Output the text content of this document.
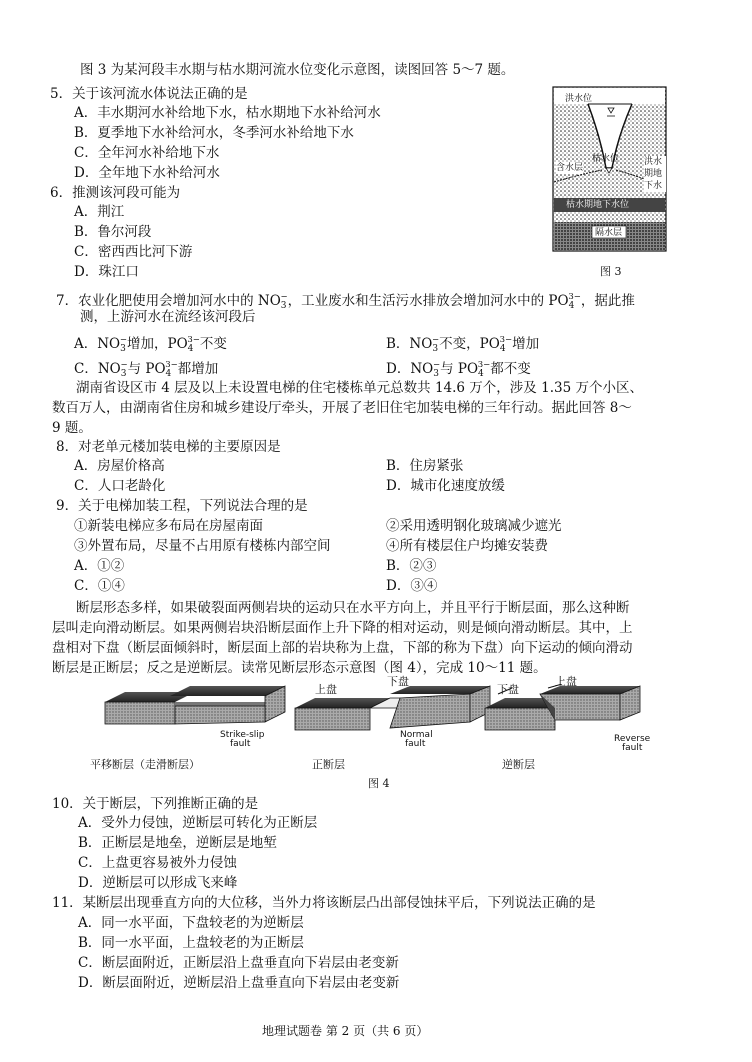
图 3 为某河段丰水期与枯水期河流水位变化示意图，读图回答 5～7 题。
5．关于该河流水体说法正确的是
A．丰水期河水补给地下水，枯水期地下水补给河水
B．夏季地下水补给河水，冬季河水补给地下水
C．全年河水补给地下水
D．全年地下水补给河水
6．推测该河段可能为
A．荆江
B．鲁尔河段
C．密西西比河下游
D．珠江口
洪水位
枯水位
含水层
洪水期地下水
枯水期地下水位
隔水层
图 3
7．农业化肥使用会增加河水中的 $NO_3^-$，工业废水和生活污水排放会增加河水中的 $PO_4^{3-}$，据此推
测，上游河水在流经该河段后
A．$NO_3^-$增加，$PO_4^{3-}$不变	B．$NO_3^-$不变，$PO_4^{3-}$增加
C．$NO_3^-$与 $PO_4^{3-}$都增加	D．$NO_3^-$与 $PO_4^{3-}$都不变
湖南省设区市 4 层及以上未设置电梯的住宅楼栋单元总数共 14.6 万个，涉及 1.35 万个小区、
数百万人，由湖南省住房和城乡建设厅牵头，开展了老旧住宅加装电梯的三年行动。据此回答 8～
9 题。
8．对老单元楼加装电梯的主要原因是
A．房屋价格高	B．住房紧张
C．人口老龄化	D．城市化速度放缓
9．关于电梯加装工程，下列说法合理的是
①新装电梯应多布局在房屋南面	②采用透明钢化玻璃减少遮光
③外置布局，尽量不占用原有楼栋内部空间	④所有楼层住户均摊安装费
A．①②	B．②③
C．①④	D．③④
断层形态多样，如果破裂面两侧岩块的运动只在水平方向上，并且平行于断层面，那么这种断
层叫走向滑动断层。如果两侧岩块沿断层面作上升下降的相对运动，则是倾向滑动断层。其中，上
盘相对下盘（断层面倾斜时，断层面上部的岩块称为上盘，下部的称为下盘）向下运动的倾向滑动
断层是正断层；反之是逆断层。读常见断层形态示意图（图 4），完成 10～11 题。
Strike-slip
fault
Normal
fault	Reverse
fault
上盘
下盘
下盘
上盘
平移断层（走滑断层）	正断层	逆断层
图 4
10．关于断层，下列推断正确的是
A．受外力侵蚀，逆断层可转化为正断层
B．正断层是地垒，逆断层是地堑
C．上盘更容易被外力侵蚀
D．逆断层可以形成飞来峰
11．某断层出现垂直方向的大位移，当外力将该断层凸出部侵蚀抹平后，下列说法正确的是
A．同一水平面，下盘较老的为逆断层
B．同一水平面，上盘较老的为正断层
C．断层面附近，正断层沿上盘垂直向下岩层由老变新
D．断层面附近，逆断层沿上盘垂直向下岩层由老变新
地理试题卷 第 2 页（共 6 页）
